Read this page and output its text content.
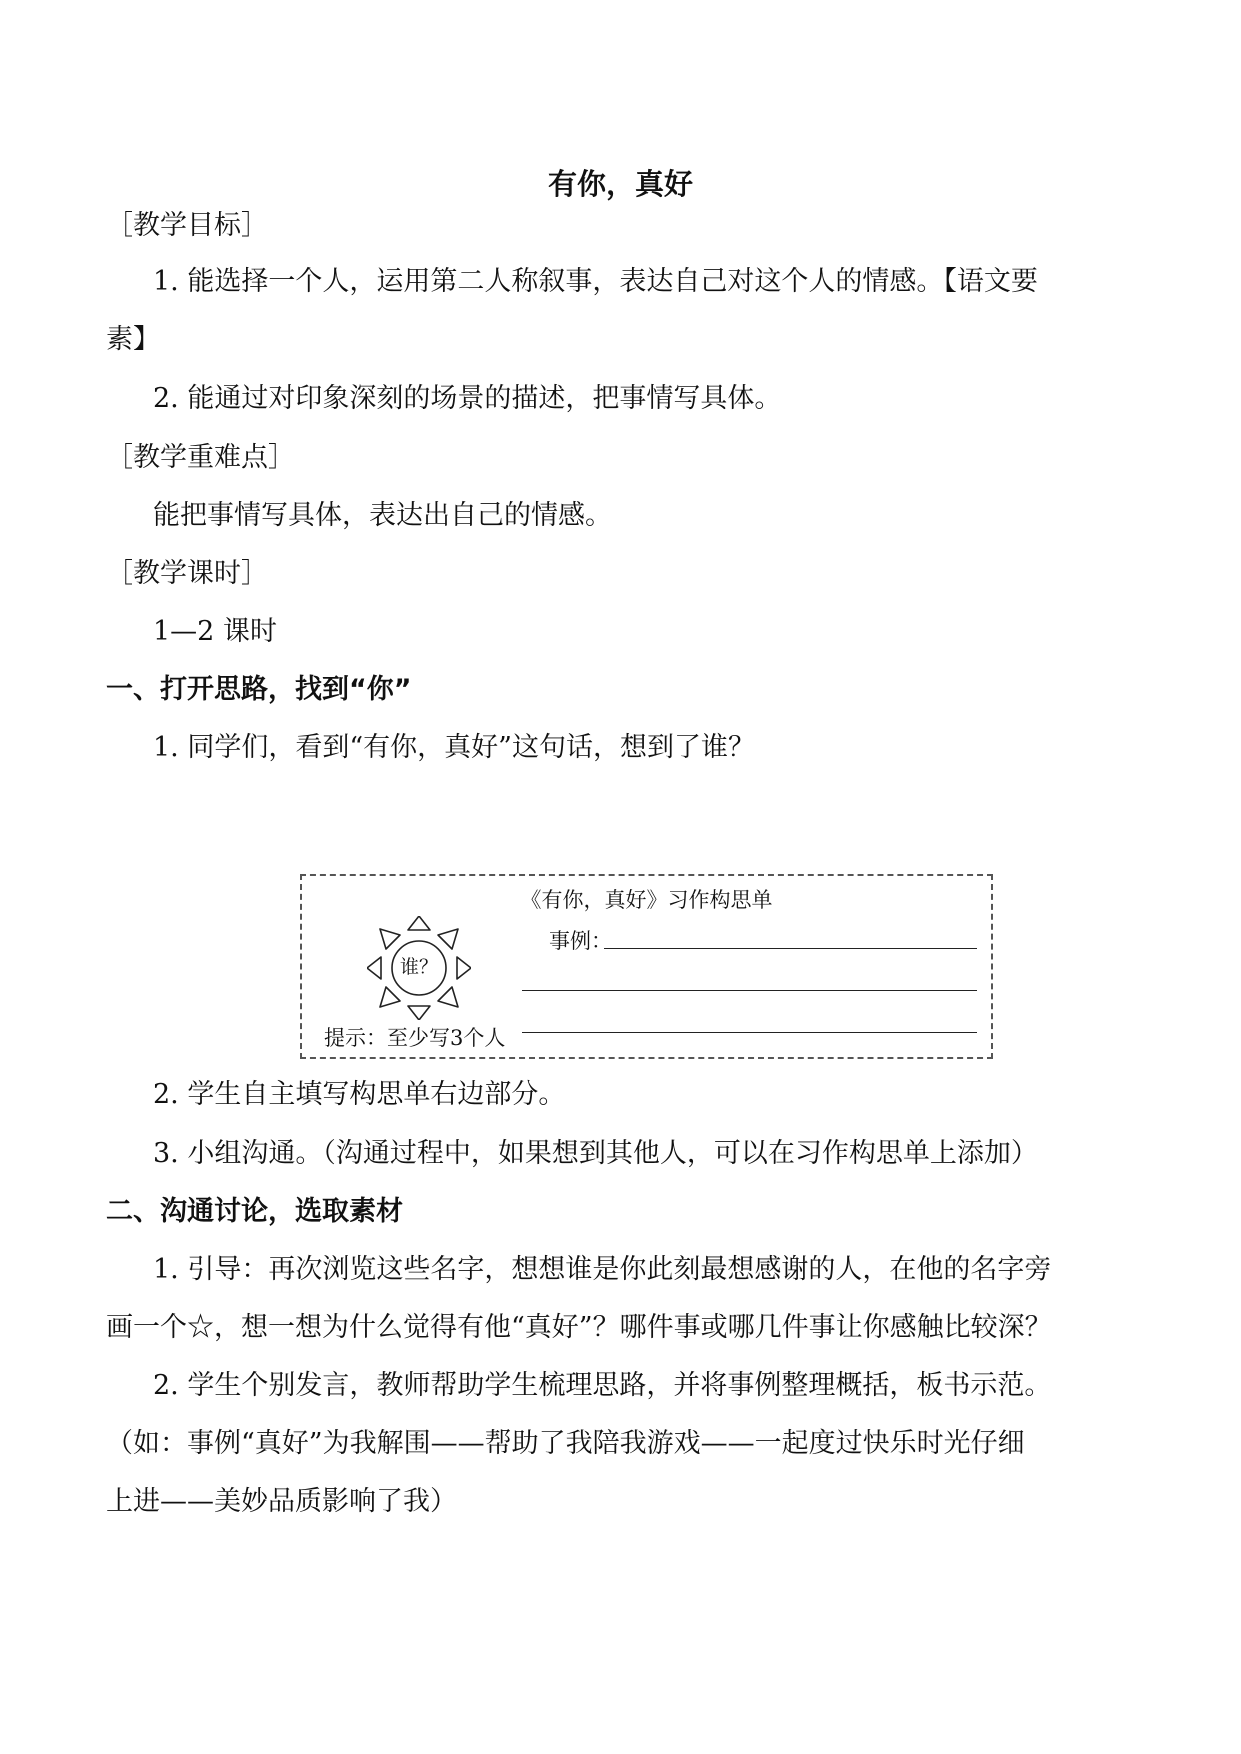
有你，真好
［教学目标］
1. 能选择一个人，运用第二人称叙事，表达自己对这个人的情感。【语文要
素】
2. 能通过对印象深刻的场景的描述，把事情写具体。
［教学重难点］
能把事情写具体，表达出自己的情感。
［教学课时］
1—2 课时
一、打开思路，找到“你”
1. 同学们，看到“有你，真好”这句话，想到了谁？
《有你，真好》习作构思单
谁？
事例：
提示：至少写3个人
2. 学生自主填写构思单右边部分。
3. 小组沟通。（沟通过程中，如果想到其他人，可以在习作构思单上添加）
二、沟通讨论，选取素材
1. 引导：再次浏览这些名字，想想谁是你此刻最想感谢的人，在他的名字旁
画一个☆，想一想为什么觉得有他“真好”？哪件事或哪几件事让你感触比较深？
2. 学生个别发言，教师帮助学生梳理思路，并将事例整理概括，板书示范。
（如：事例“真好”为我解围——帮助了我陪我游戏——一起度过快乐时光仔细
上进——美妙品质影响了我）
